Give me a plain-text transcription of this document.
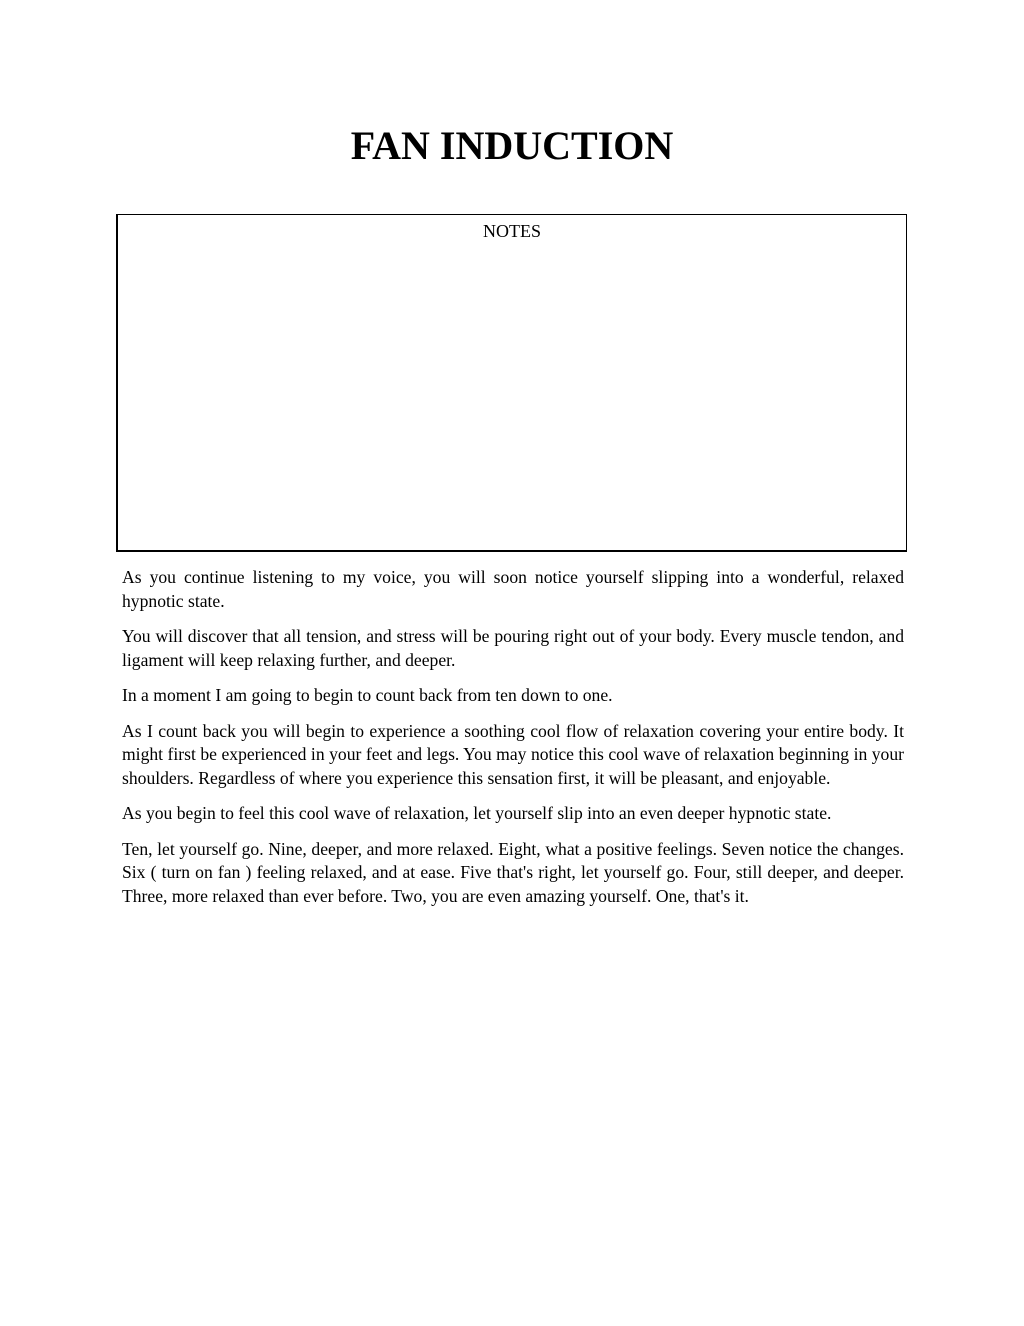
FAN INDUCTION
NOTES

As you continue listening to my voice, you will soon notice yourself slipping into a wonderful, relaxed hypnotic state.

You will discover that all tension, and stress will be pouring right out of your body. Every muscle tendon, and ligament will keep relaxing further, and deeper.

In a moment I am going to begin to count back from ten down to one.

As I count back you will begin to experience a soothing cool flow of relaxation covering your entire body. It might first be experienced in your feet and legs. You may notice this cool wave of relaxation beginning in your shoulders. Regardless of where you experience this sensation first, it will be pleasant, and enjoyable.

As you begin to feel this cool wave of relaxation, let yourself slip into an even deeper hypnotic state.

Ten, let yourself go. Nine, deeper, and more relaxed. Eight, what a positive feelings. Seven notice the changes. Six ( turn on fan ) feeling relaxed, and at ease. Five that's right, let yourself go. Four, still deeper, and deeper. Three, more relaxed than ever before. Two, you are even amazing yourself. One, that's it.
